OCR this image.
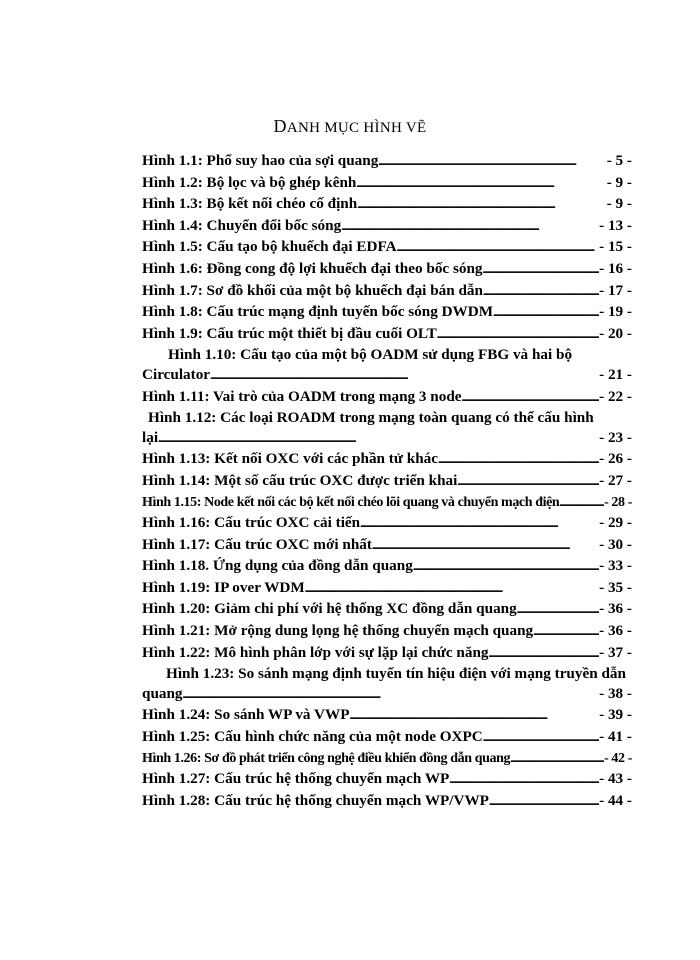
DANH MỤC HÌNH VẼ
Hình 1.1: Phổ suy hao của sợi quang . . .	- 5 -
Hình 1.2: Bộ lọc và bộ ghép kênh . . .	- 9 -
Hình 1.3: Bộ kết nối chéo cố định . . .	- 9 -
Hình 1.4: Chuyển đổi bốc sóng . . .	- 13 -
Hình 1.5: Cấu tạo bộ khuếch đại EDFA . . .	- 15 -
Hình 1.6: Đồng cong độ lợi khuếch đại theo bốc sóng . . .	- 16 -
Hình 1.7: Sơ đồ khối của một bộ khuếch đại bán dẫn . . .	- 17 -
Hình 1.8: Cấu trúc mạng định tuyến bốc sóng DWDM . . .	- 19 -
Hình 1.9: Cấu trúc một thiết bị đầu cuối OLT . . .	- 20 -
Hình 1.10: Cấu tạo của một bộ OADM sử dụng FBG và hai bộ
Circulator . . .	- 21 -
Hình 1.11: Vai trò của OADM trong mạng 3 node . . .	- 22 -
Hình 1.12: Các loại ROADM trong mạng toàn quang có thể cấu hình
lại . . .	- 23 -
Hình 1.13: Kết nối OXC với các phần tử khác . . .	- 26 -
Hình 1.14: Một số cấu trúc OXC được triển khai . . .	- 27 -
Hình 1.15: Node kết nối các bộ kết nối chéo lõi quang và chuyển mạch điện . . .	- 28 -
Hình 1.16: Cấu trúc OXC cải tiến . . .	- 29 -
Hình 1.17: Cấu trúc OXC mới nhất . . .	- 30 -
Hình 1.18. Ứng dụng của đồng dẫn quang . . .	- 33 -
Hình 1.19: IP over WDM . . .	- 35 -
Hình 1.20: Giảm chi phí với hệ thống XC đồng dẫn quang . . .	- 36 -
Hình 1.21: Mở rộng dung lọng hệ thống chuyển mạch quang . . .	- 36 -
Hình 1.22: Mô hình phân lớp với sự lặp lại chức năng . . .	- 37 -
Hình 1.23: So sánh mạng định tuyến tín hiệu điện với mạng truyền dẫn
quang . . .	- 38 -
Hình 1.24: So sánh WP và VWP . . .	- 39 -
Hình 1.25: Cấu hình chức năng của một node OXPC . . .	- 41 -
Hình 1.26: Sơ đồ phát triển công nghệ điều khiển đồng dẫn quang . . .	- 42 -
Hình 1.27: Cấu trúc hệ thống chuyển mạch WP . . .	- 43 -
Hình 1.28: Cấu trúc hệ thống chuyển mạch WP/VWP . . .	- 44 -
